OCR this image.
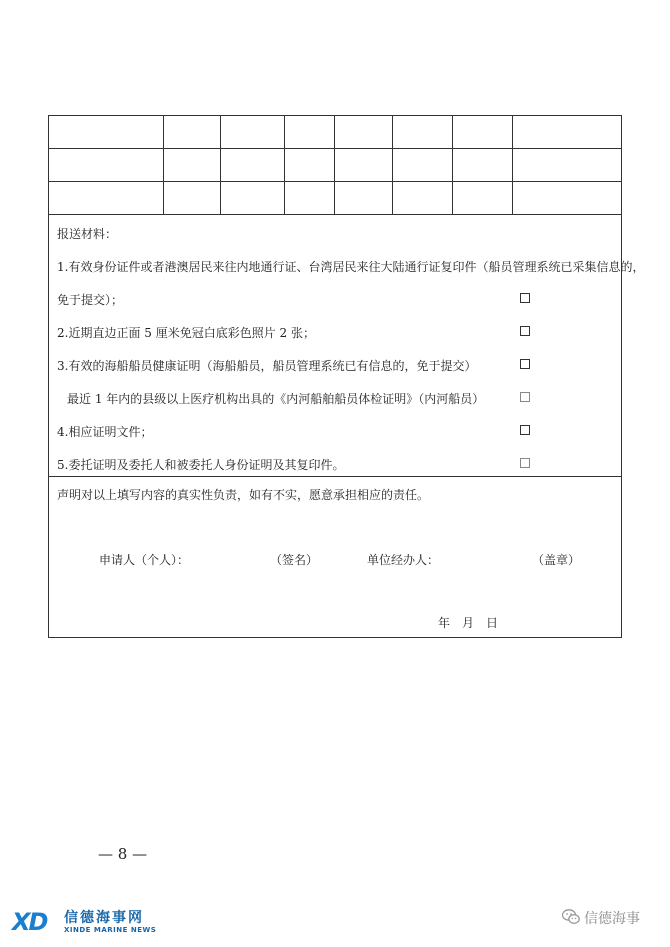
报送材料：
1.有效身份证件或者港澳居民来往内地通行证、台湾居民来往大陆通行证复印件（船员管理系统已采集信息的，
免于提交）；
2.近期直边正面 5 厘米免冠白底彩色照片 2 张；
3.有效的海船船员健康证明（海船船员，船员管理系统已有信息的，免于提交）
最近 1 年内的县级以上医疗机构出具的《内河船舶船员体检证明》（内河船员）
4.相应证明文件；
5.委托证明及委托人和被委托人身份证明及其复印件。
声明对以上填写内容的真实性负责，如有不实，愿意承担相应的责任。
申请人（个人）：	（签名）	单位经办人：	（盖章）
年　月　日
— 8 —
XD 信德海事网
XINDE MARINE NEWS
信德海事
